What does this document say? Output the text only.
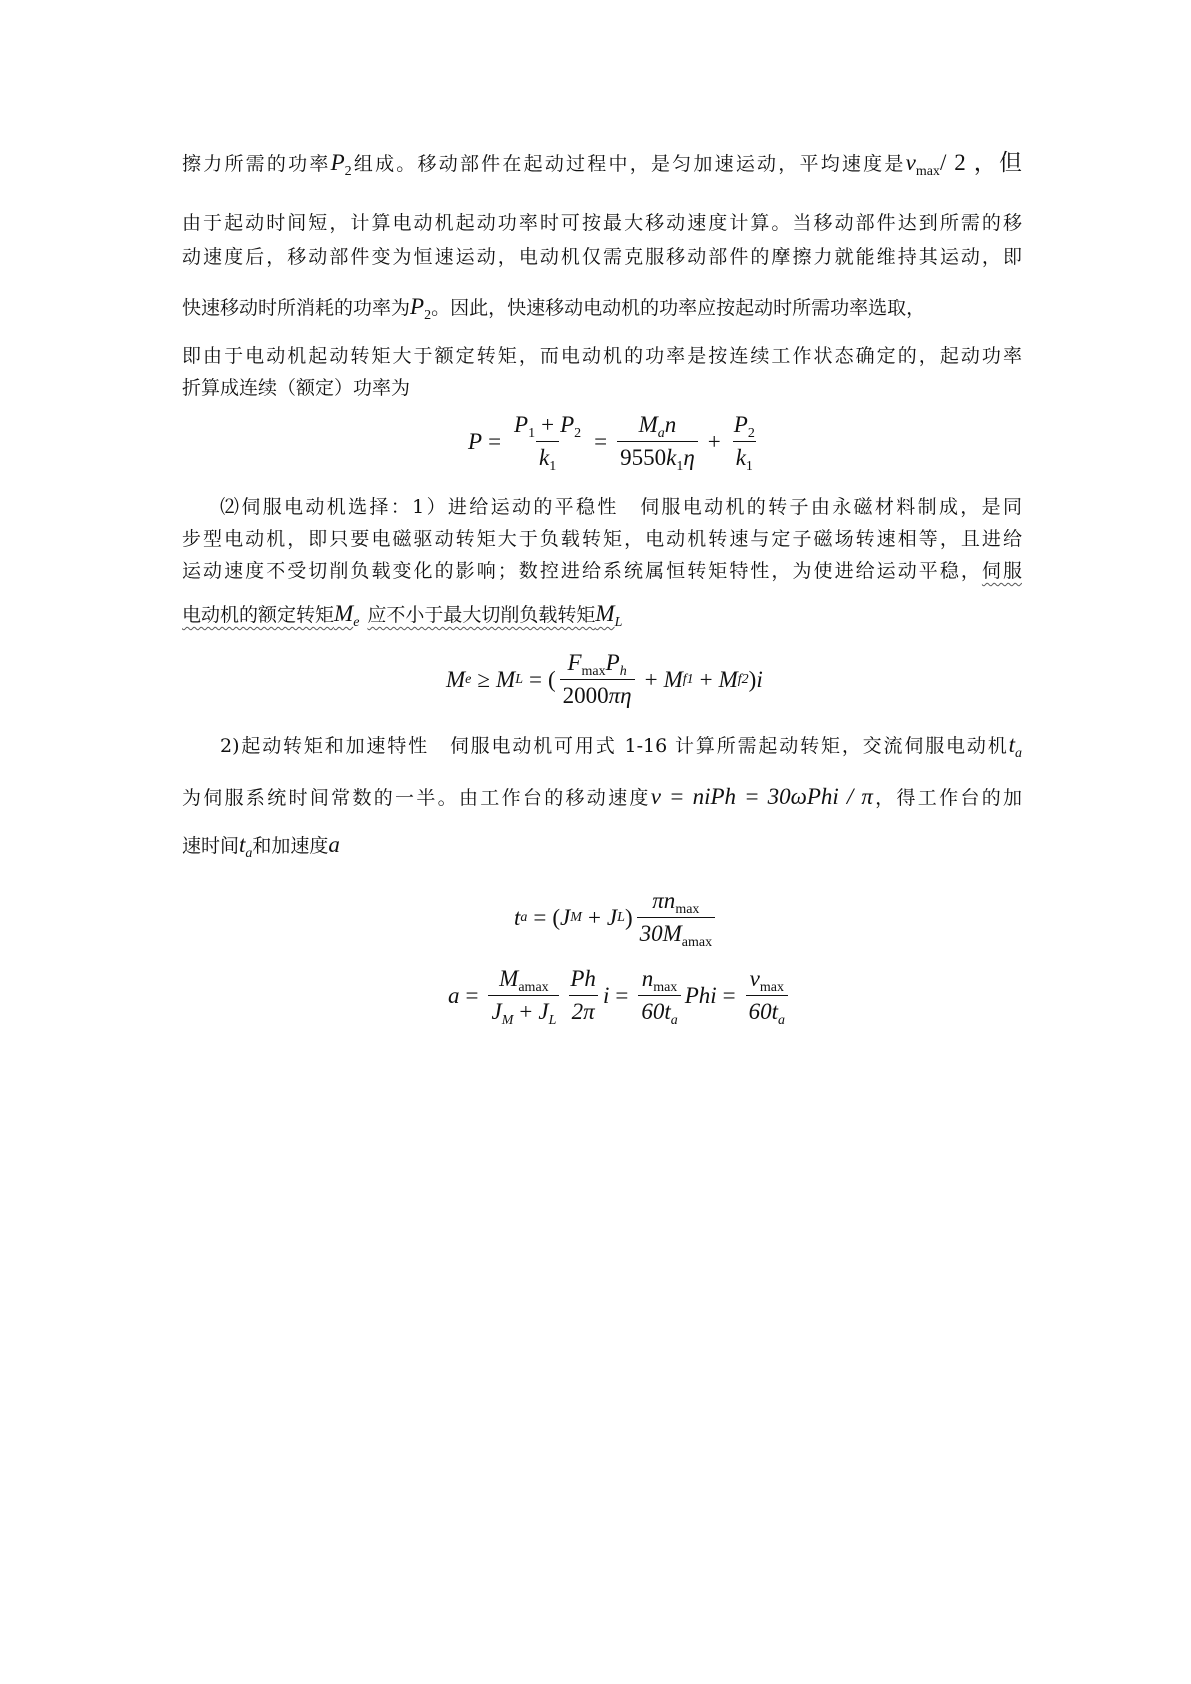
擦力所需的功率$P_2$组成。移动部件在起动过程中，是匀加速运动，平均速度是$v_{max}/$ 2 ，但
由于起动时间短，计算电动机起动功率时可按最大移动速度计算。当移动部件达到所需的移
动速度后，移动部件变为恒速运动，电动机仅需克服移动部件的摩擦力就能维持其运动，即
快速移动时所消耗的功率为$P_2$。因此，快速移动电动机的功率应按起动时所需功率选取，
即由于电动机起动转矩大于额定转矩，而电动机的功率是按连续工作状态确定的，起动功率
折算成连续（额定）功率为
$P = \frac{P_1 + P_2}{k_1} = \frac{M_an}{9550k_1\eta} + \frac{P_2}{k_1}$
⑵伺服电动机选择：1）进给运动的平稳性　伺服电动机的转子由永磁材料制成，是同
步型电动机，即只要电磁驱动转矩大于负载转矩，电动机转速与定子磁场转速相等，且进给
运动速度不受切削负载变化的影响；数控进给系统属恒转矩特性，为使进给运动平稳，伺服
电动机的额定转矩$M_e$ 应不小于最大切削负载转矩$M_L$
M e ≥ M L = ( $\frac{F_{max}P_h}{2000\pi\eta} + M$ f1 + M f2 ) i
2)起动转矩和加速特性　伺服电动机可用式 1-16 计算所需起动转矩，交流伺服电动机$t_a$
为伺服系统时间常数的一半。由工作台的移动速度v = niPh = 30ωPhi / π，得工作台的加
速时间$t_a$和加速度a
t a = ( J M + J L ) $\frac{\pi n_{max}}{30M_{amax}}$
$a = \frac{M_{amax}}{J_M + J_L} \frac{Ph}{2\pi}$ $i = \frac{n_{max}}{60t_a}$ Phi = $\frac{v_{max}}{60t_a}$
